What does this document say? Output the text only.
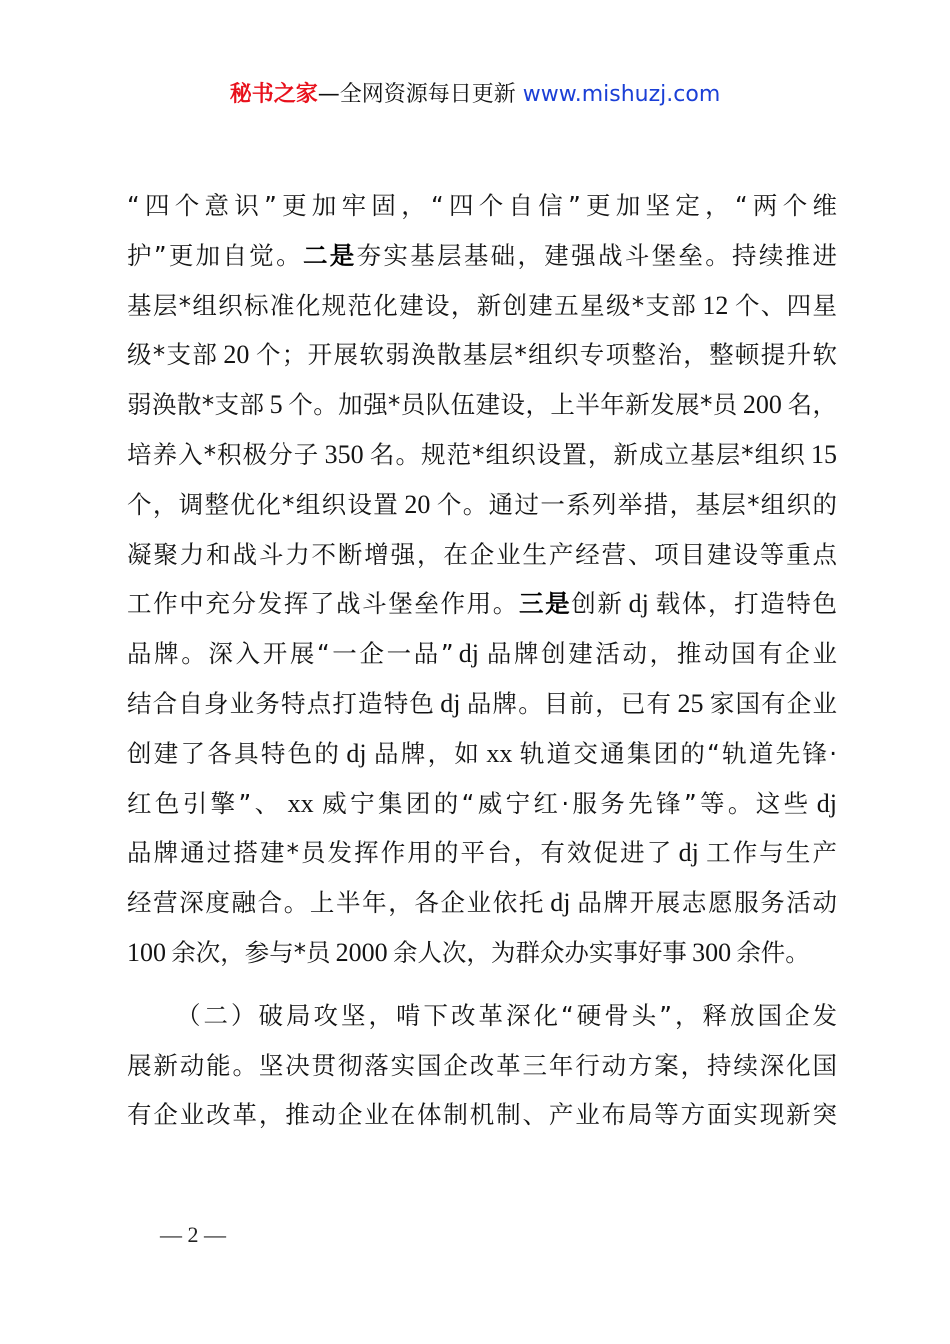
秘书之家—全网资源每日更新 www.mishuzj.com
“四个意识”更加牢固，“四个自信”更加坚定，“两个维
护”更加自觉。二是夯实基层基础，建强战斗堡垒。持续推进
基层*组织标准化规范化建设，新创建五星级*支部 12 个、四星
级*支部 20 个；开展软弱涣散基层*组织专项整治，整顿提升软
弱涣散*支部 5 个。加强*员队伍建设，上半年新发展*员 200 名，
培养入*积极分子 350 名。规范*组织设置，新成立基层*组织 15
个，调整优化*组织设置 20 个。通过一系列举措，基层*组织的
凝聚力和战斗力不断增强，在企业生产经营、项目建设等重点
工作中充分发挥了战斗堡垒作用。三是创新 dj 载体，打造特色
品牌。深入开展“一企一品” dj 品牌创建活动，推动国有企业
结合自身业务特点打造特色 dj 品牌。目前，已有 25 家国有企业
创建了各具特色的 dj 品牌，如 xx 轨道交通集团的“轨道先锋·
红色引擎”、 xx 威宁集团的“威宁红·服务先锋”等。这些 dj
品牌通过搭建*员发挥作用的平台，有效促进了 dj 工作与生产
经营深度融合。上半年，各企业依托 dj 品牌开展志愿服务活动
100 余次，参与*员 2000 余人次，为群众办实事好事 300 余件。
（二）破局攻坚，啃下改革深化“硬骨头”，释放国企发
展新动能。坚决贯彻落实国企改革三年行动方案，持续深化国
有企业改革，推动企业在体制机制、产业布局等方面实现新突
— 2 —
